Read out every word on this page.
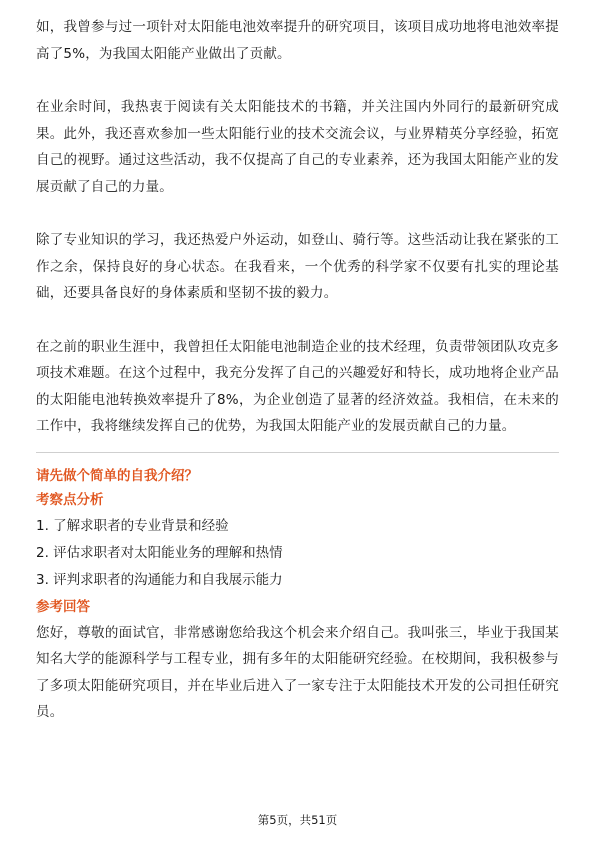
如，我曾参与过一项针对太阳能电池效率提升的研究项目，该项目成功地将电池效率提高了5%，为我国太阳能产业做出了贡献。

在业余时间，我热衷于阅读有关太阳能技术的书籍，并关注国内外同行的最新研究成果。此外，我还喜欢参加一些太阳能行业的技术交流会议，与业界精英分享经验，拓宽自己的视野。通过这些活动，我不仅提高了自己的专业素养，还为我国太阳能产业的发展贡献了自己的力量。

除了专业知识的学习，我还热爱户外运动，如登山、骑行等。这些活动让我在紧张的工作之余，保持良好的身心状态。在我看来，一个优秀的科学家不仅要有扎实的理论基础，还要具备良好的身体素质和坚韧不拔的毅力。

在之前的职业生涯中，我曾担任太阳能电池制造企业的技术经理，负责带领团队攻克多项技术难题。在这个过程中，我充分发挥了自己的兴趣爱好和特长，成功地将企业产品的太阳能电池转换效率提升了8%，为企业创造了显著的经济效益。我相信，在未来的工作中，我将继续发挥自己的优势，为我国太阳能产业的发展贡献自己的力量。

请先做个简单的自我介绍？

考察点分析

1. 了解求职者的专业背景和经验

2. 评估求职者对太阳能业务的理解和热情

3. 评判求职者的沟通能力和自我展示能力

参考回答

您好，尊敬的面试官，非常感谢您给我这个机会来介绍自己。我叫张三，毕业于我国某知名大学的能源科学与工程专业，拥有多年的太阳能研究经验。在校期间，我积极参与了多项太阳能研究项目，并在毕业后进入了一家专注于太阳能技术开发的公司担任研究员。

第5页，共51页
